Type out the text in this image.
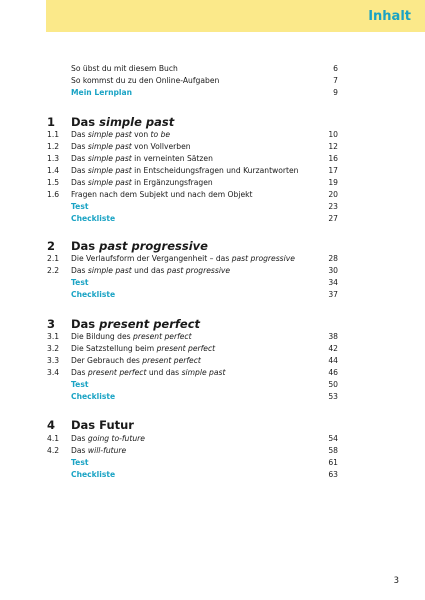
Inhalt
So übst du mit diesem Buch	6
So kommst du zu den Online-Aufgaben	7
Mein Lernplan	9
1 Das simple past
1.1 Das simple past von to be	10
1.2 Das simple past von Vollverben	12
1.3 Das simple past in verneinten Sätzen	16
1.4 Das simple past in Entscheidungsfragen und Kurzantworten	17
1.5 Das simple past in Ergänzungsfragen	19
1.6 Fragen nach dem Subjekt und nach dem Objekt	20
Test	23
Checkliste	27
2 Das past progressive
2.1 Die Verlaufsform der Vergangenheit – das past progressive	28
2.2 Das simple past und das past progressive	30
Test	34
Checkliste	37
3 Das present perfect
3.1 Die Bildung des present perfect	38
3.2 Die Satzstellung beim present perfect	42
3.3 Der Gebrauch des present perfect	44
3.4 Das present perfect und das simple past	46
Test	50
Checkliste	53
4 Das Futur
4.1 Das going to-future	54
4.2 Das will-future	58
Test	61
Checkliste	63
3
